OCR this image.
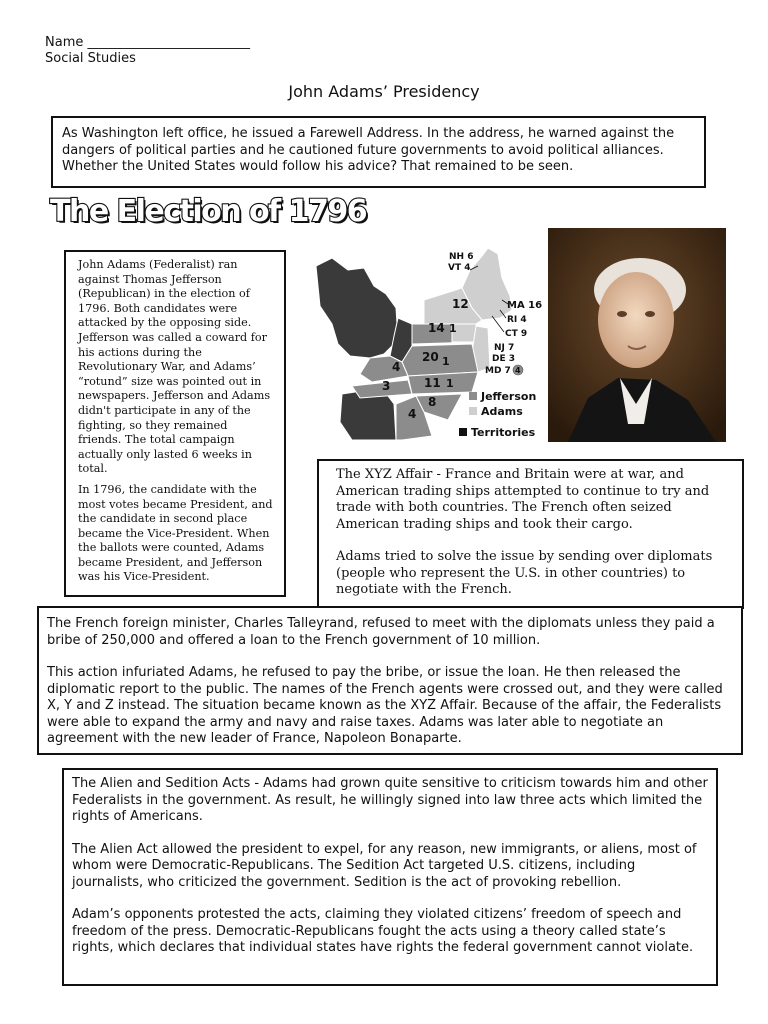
Name _________________________
Social Studies
John Adams’ Presidency

As Washington left office, he issued a Farewell Address. In the address, he warned against the dangers of political parties and he cautioned future governments to avoid political alliances. Whether the United States would follow his advice? That remained to be seen.

The Election of 1796

John Adams (Federalist) ran against Thomas Jefferson (Republican) in the election of 1796. Both candidates were attacked by the opposing side. Jefferson was called a coward for his actions during the Revolutionary War, and Adams’ “rotund” size was pointed out in newspapers. Jefferson and Adams didn't participate in any of the fighting, so they remained friends. The total campaign actually only lasted 6 weeks in total.

In 1796, the candidate with the most votes became President, and the candidate in second place became the Vice-President. When the ballots were counted, Adams became President, and Jefferson was his Vice-President.

NH 6
VT 4
MA 16
RI 4
CT 9
NJ 7
DE 3
MD 7 4
12
14 1
20 1
4
3	11 1
8
4
Jefferson
Adams
Territories

The XYZ Affair - France and Britain were at war, and American trading ships attempted to continue to try and trade with both countries. The French often seized American trading ships and took their cargo.

Adams tried to solve the issue by sending over diplomats (people who represent the U.S. in other countries) to negotiate with the French.

The French foreign minister, Charles Talleyrand, refused to meet with the diplomats unless they paid a bribe of 250,000 and offered a loan to the French government of 10 million.

This action infuriated Adams, he refused to pay the bribe, or issue the loan. He then released the diplomatic report to the public. The names of the French agents were crossed out, and they were called X, Y and Z instead. The situation became known as the XYZ Affair. Because of the affair, the Federalists were able to expand the army and navy and raise taxes. Adams was later able to negotiate an agreement with the new leader of France, Napoleon Bonaparte.

The Alien and Sedition Acts - Adams had grown quite sensitive to criticism towards him and other Federalists in the government. As result, he willingly signed into law three acts which limited the rights of Americans.

The Alien Act allowed the president to expel, for any reason, new immigrants, or aliens, most of whom were Democratic-Republicans. The Sedition Act targeted U.S. citizens, including journalists, who criticized the government. Sedition is the act of provoking rebellion.

Adam’s opponents protested the acts, claiming they violated citizens’ freedom of speech and freedom of the press. Democratic-Republicans fought the acts using a theory called state’s rights, which declares that individual states have rights the federal government cannot violate.
